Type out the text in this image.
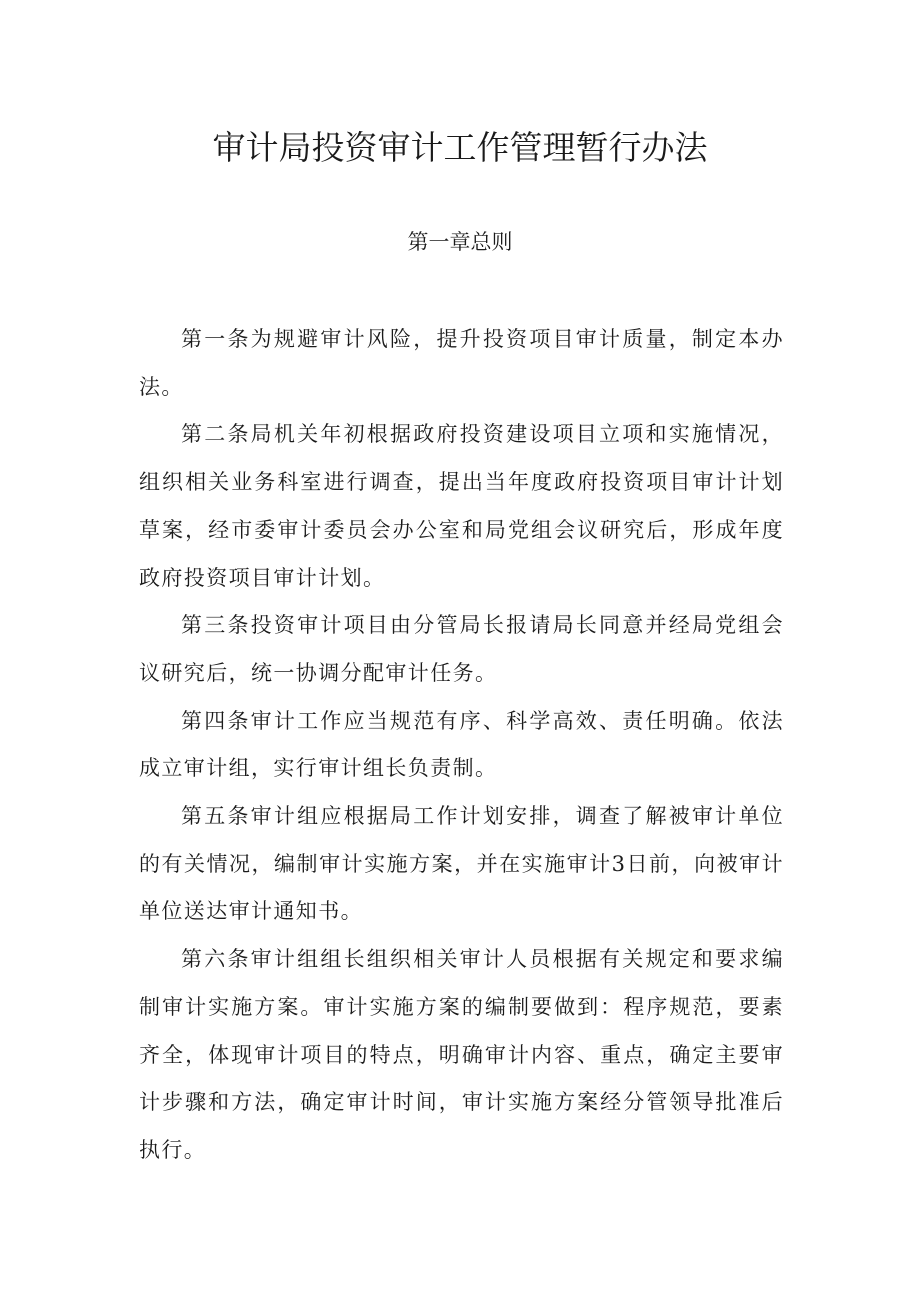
审计局投资审计工作管理暂行办法
第一章总则

第一条为规避审计风险，提升投资项目审计质量，制定本办法。

第二条局机关年初根据政府投资建设项目立项和实施情况，组织相关业务科室进行调查，提出当年度政府投资项目审计计划草案，经市委审计委员会办公室和局党组会议研究后，形成年度政府投资项目审计计划。

第三条投资审计项目由分管局长报请局长同意并经局党组会议研究后，统一协调分配审计任务。

第四条审计工作应当规范有序、科学高效、责任明确。依法成立审计组，实行审计组长负责制。

第五条审计组应根据局工作计划安排，调查了解被审计单位的有关情况，编制审计实施方案，并在实施审计3日前，向被审计单位送达审计通知书。

第六条审计组组长组织相关审计人员根据有关规定和要求编制审计实施方案。审计实施方案的编制要做到：程序规范，要素齐全，体现审计项目的特点，明确审计内容、重点，确定主要审计步骤和方法，确定审计时间，审计实施方案经分管领导批准后执行。
